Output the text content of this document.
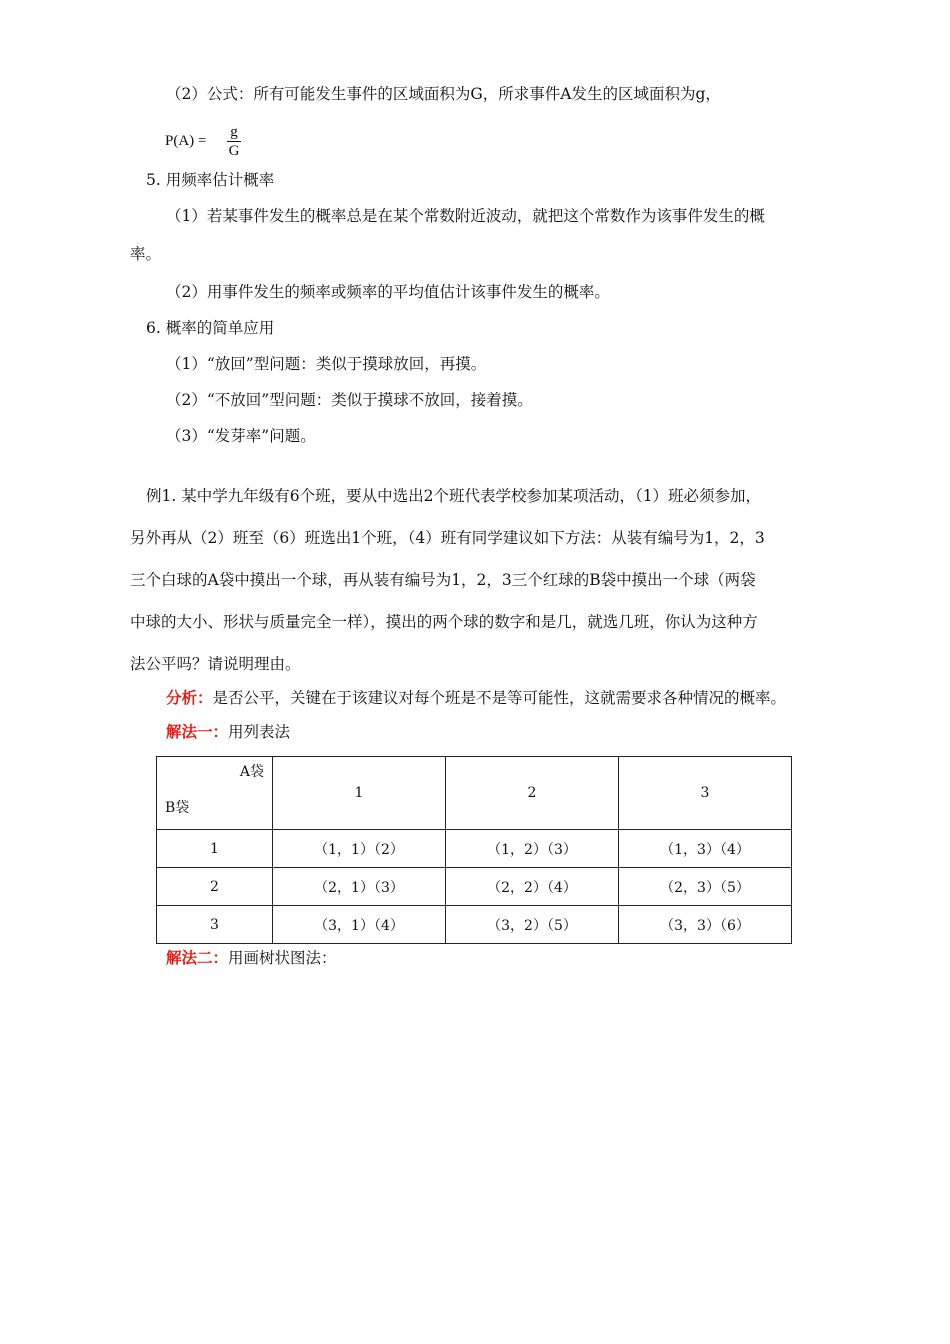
（2）公式：所有可能发生事件的区域面积为G，所求事件A发生的区域面积为g，
P(A) =
g
G
5. 用频率估计概率
（1）若某事件发生的概率总是在某个常数附近波动，就把这个常数作为该事件发生的概
率。
（2）用事件发生的频率或频率的平均值估计该事件发生的概率。
6. 概率的简单应用
（1）“放回”型问题：类似于摸球放回，再摸。
（2）“不放回”型问题：类似于摸球不放回，接着摸。
（3）“发芽率”问题。
例1. 某中学九年级有6个班，要从中选出2个班代表学校参加某项活动，（1）班必须参加，
另外再从（2）班至（6）班选出1个班，（4）班有同学建议如下方法：从装有编号为1，2，3
三个白球的A袋中摸出一个球，再从装有编号为1，2，3三个红球的B袋中摸出一个球（两袋
中球的大小、形状与质量完全一样），摸出的两个球的数字和是几，就选几班，你认为这种方
法公平吗？请说明理由。
分析：是否公平，关键在于该建议对每个班是不是等可能性，这就需要求各种情况的概率。
解法一：用列表法
A袋
B袋	1	2	3
1	（1，1）（2）	（1，2）（3）	（1，3）（4）
2	（2，1）（3）	（2，2）（4）	（2，3）（5）
3	（3，1）（4）	（3，2）（5）	（3，3）（6）
解法二：用画树状图法：
